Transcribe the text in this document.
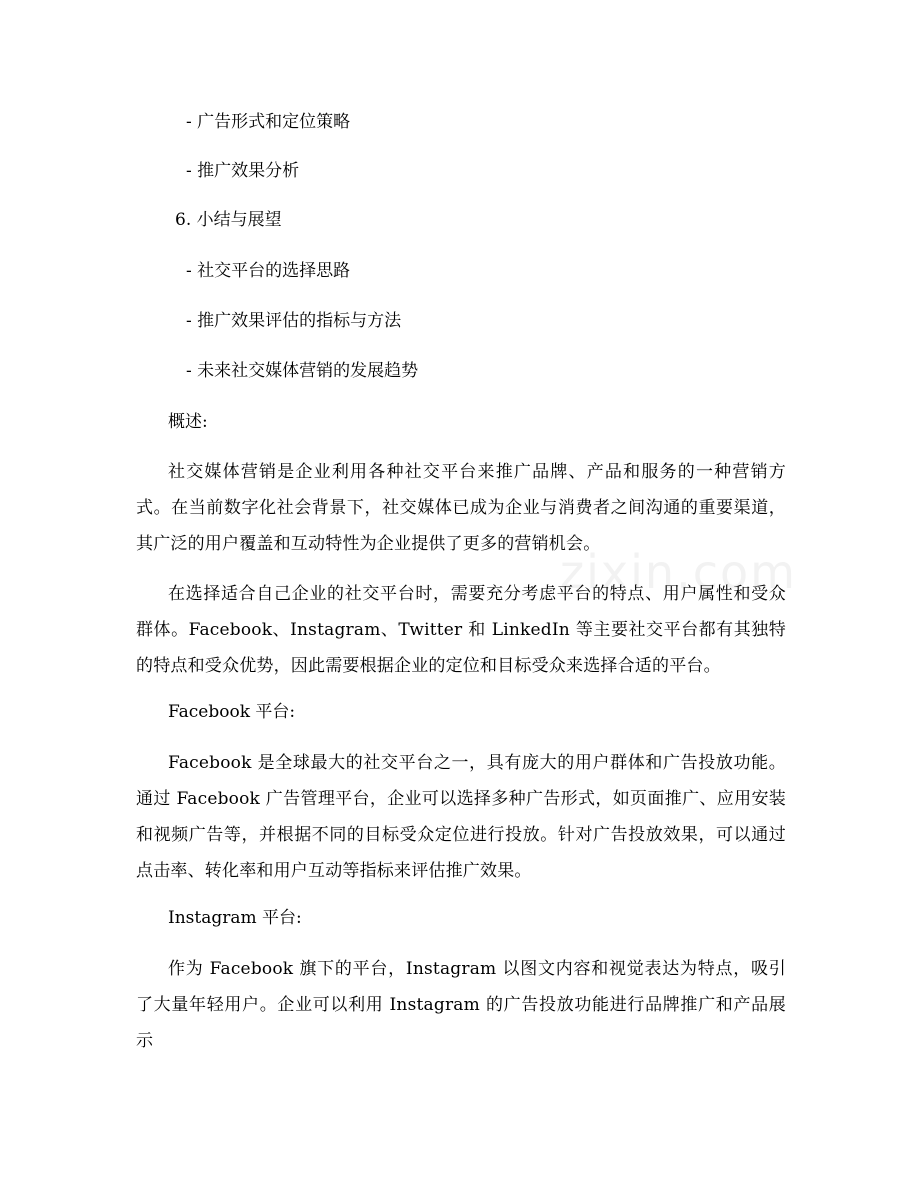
zixin.com
- 广告形式和定位策略
- 推广效果分析
6. 小结与展望
- 社交平台的选择思路
- 推广效果评估的指标与方法
- 未来社交媒体营销的发展趋势
概述:
社交媒体营销是企业利用各种社交平台来推广品牌、产品和服务的一种营销方式。在当前数字化社会背景下，社交媒体已成为企业与消费者之间沟通的重要渠道，其广泛的用户覆盖和互动特性为企业提供了更多的营销机会。
在选择适合自己企业的社交平台时，需要充分考虑平台的特点、用户属性和受众群体。Facebook、Instagram、Twitter 和 LinkedIn 等主要社交平台都有其独特的特点和受众优势，因此需要根据企业的定位和目标受众来选择合适的平台。
Facebook 平台:
Facebook 是全球最大的社交平台之一，具有庞大的用户群体和广告投放功能。通过 Facebook 广告管理平台，企业可以选择多种广告形式，如页面推广、应用安装和视频广告等，并根据不同的目标受众定位进行投放。针对广告投放效果，可以通过点击率、转化率和用户互动等指标来评估推广效果。
Instagram 平台:
作为 Facebook 旗下的平台，Instagram 以图文内容和视觉表达为特点，吸引了大量年轻用户。企业可以利用 Instagram 的广告投放功能进行品牌推广和产品展示
